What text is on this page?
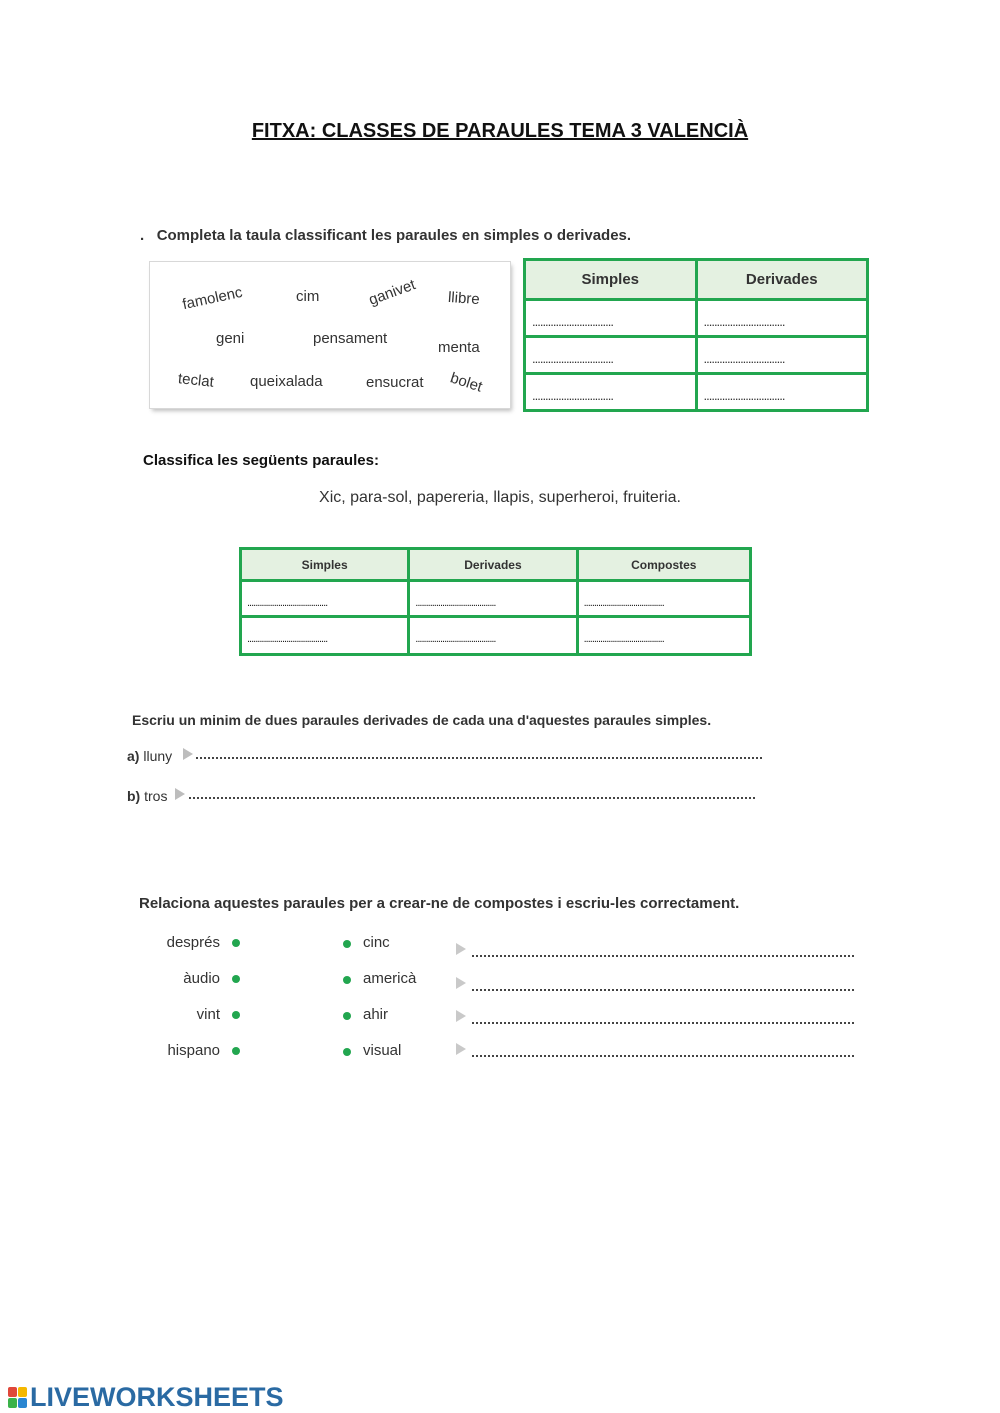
FITXA: CLASSES DE PARAULES TEMA 3 VALENCIÀ
. Completa la taula classificant les paraules en simples o derivades.
famolenc	cim	ganivet llibre
geni	pensament
menta
teclat queixalada	ensucrat bolet
Simples	Derivades
...............................	...............................
...............................	...............................
...............................	...............................
Classifica les següents paraules:
Xic, para-sol, papereria, llapis, superheroi, fruiteria.
Simples	Derivades	Compostes
.......................................	.......................................	.......................................
.......................................	.......................................	.......................................
Escriu un minim de dues paraules derivades de cada una d'aquestes paraules simples.
a) lluny
b) tros
Relaciona aquestes paraules per a crear-ne de compostes i escriu-les correctament.
després	cinc
àudio	americà
vint	ahir
hispano	visual
LIVEWORKSHEETS
